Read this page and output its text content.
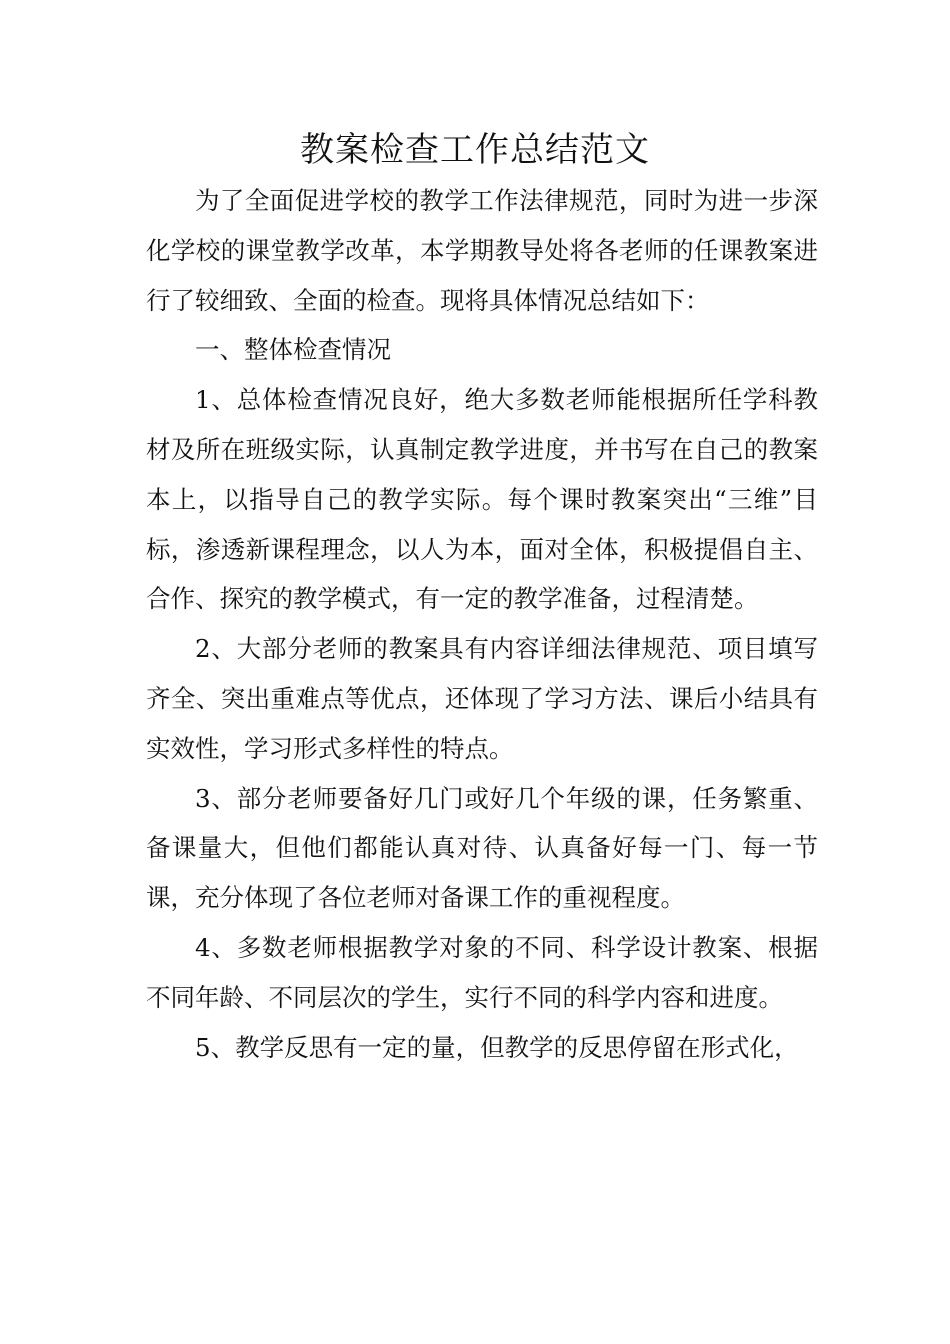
教案检查工作总结范文

为了全面促进学校的教学工作法律规范，同时为进一步深化学校的课堂教学改革，本学期教导处将各老师的任课教案进行了较细致、全面的检查。现将具体情况总结如下：

一、整体检查情况

1、总体检查情况良好，绝大多数老师能根据所任学科教材及所在班级实际，认真制定教学进度，并书写在自己的教案本上，以指导自己的教学实际。每个课时教案突出“三维”目标，渗透新课程理念，以人为本，面对全体，积极提倡自主、合作、探究的教学模式，有一定的教学准备，过程清楚。

2、大部分老师的教案具有内容详细法律规范、项目填写齐全、突出重难点等优点，还体现了学习方法、课后小结具有实效性，学习形式多样性的特点。

3、部分老师要备好几门或好几个年级的课，任务繁重、备课量大，但他们都能认真对待、认真备好每一门、每一节课，充分体现了各位老师对备课工作的重视程度。

4、多数老师根据教学对象的不同、科学设计教案、根据不同年龄、不同层次的学生，实行不同的科学内容和进度。

5、教学反思有一定的量，但教学的反思停留在形式化，
